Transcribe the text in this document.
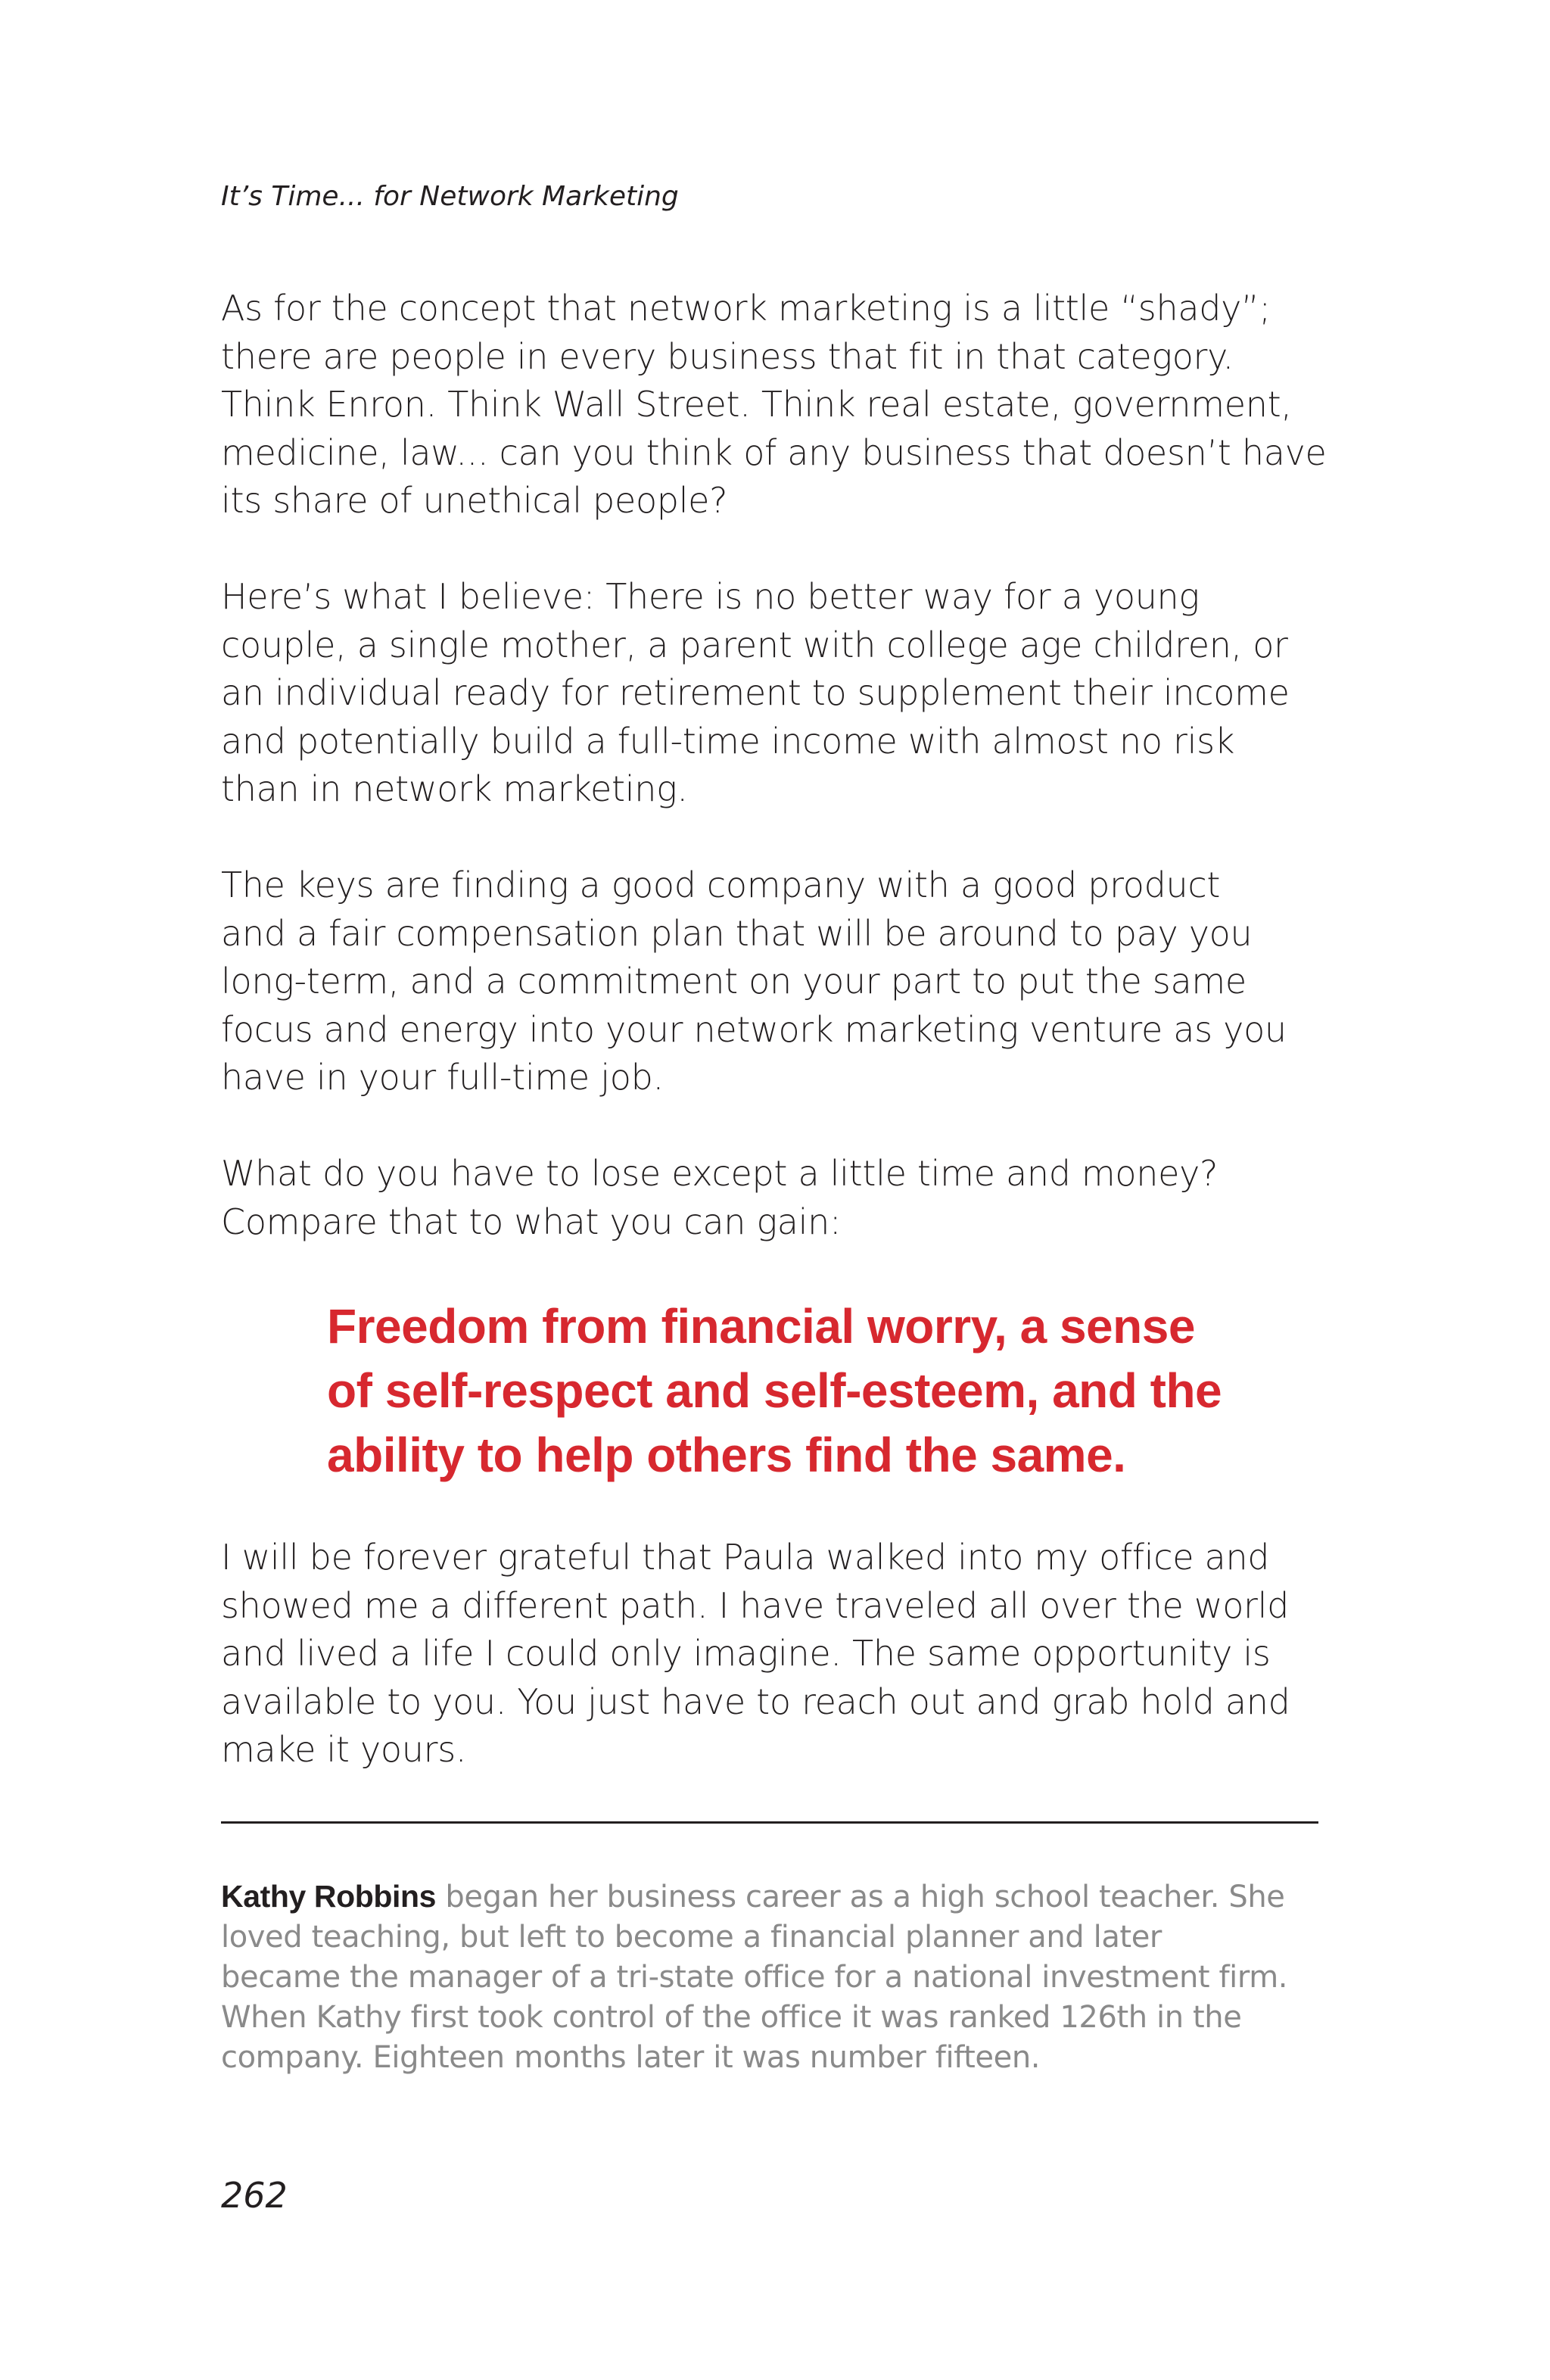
It’s Time... for Network Marketing
As for the concept that network marketing is a little “shady”;
there are people in every business that fit in that category.
Think Enron. Think Wall Street. Think real estate, government,
medicine, law... can you think of any business that doesn’t have
its share of unethical people?
Here’s what I believe: There is no better way for a young
couple, a single mother, a parent with college age children, or
an individual ready for retirement to supplement their income
and potentially build a full-time income with almost no risk
than in network marketing.
The keys are finding a good company with a good product
and a fair compensation plan that will be around to pay you
long-term, and a commitment on your part to put the same
focus and energy into your network marketing venture as you
have in your full-time job.
What do you have to lose except a little time and money?
Compare that to what you can gain:
Freedom from financial worry, a sense
of self-respect and self-esteem, and the
ability to help others find the same.
I will be forever grateful that Paula walked into my office and
showed me a different path. I have traveled all over the world
and lived a life I could only imagine. The same opportunity is
available to you. You just have to reach out and grab hold and
make it yours.
Kathy Robbins began her business career as a high school teacher. She
loved teaching, but left to become a financial planner and later
became the manager of a tri-state office for a national investment firm.
When Kathy first took control of the office it was ranked 126th in the
company. Eighteen months later it was number fifteen.
262
